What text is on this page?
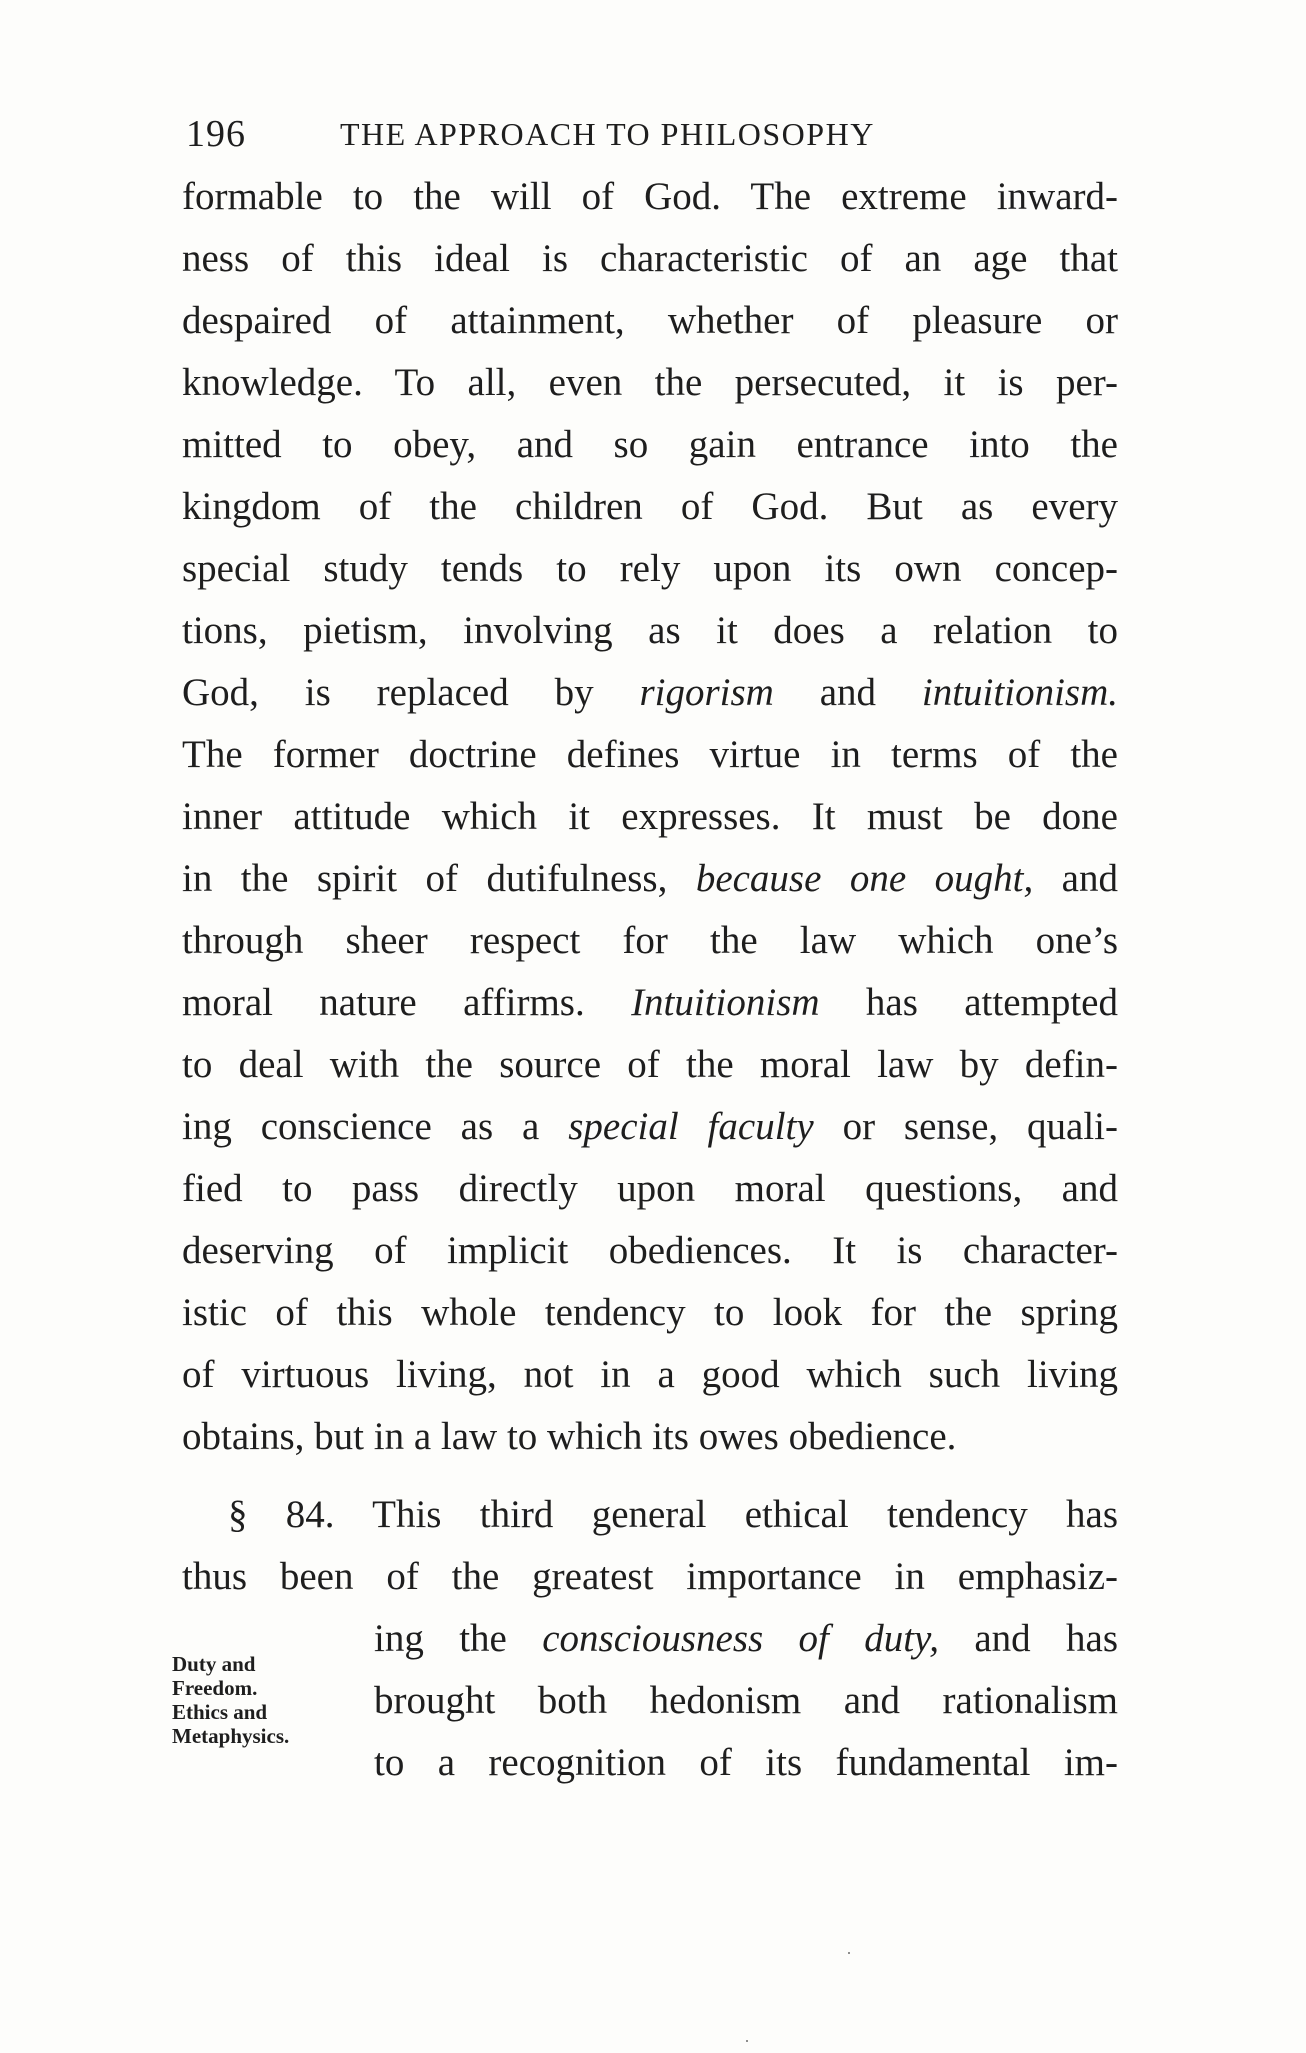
196	THE APPROACH TO PHILOSOPHY
formable to the will of God. The extreme inward-
ness of this ideal is characteristic of an age that
despaired of attainment, whether of pleasure or
knowledge. To all, even the persecuted, it is per-
mitted to obey, and so gain entrance into the
kingdom of the children of God. But as every
special study tends to rely upon its own concep-
tions, pietism, involving as it does a relation to
God, is replaced by rigorism and intuitionism.
The former doctrine defines virtue in terms of the
inner attitude which it expresses. It must be done
in the spirit of dutifulness, because one ought, and
through sheer respect for the law which one’s
moral nature affirms. Intuitionism has attempted
to deal with the source of the moral law by defin-
ing conscience as a special faculty or sense, quali-
fied to pass directly upon moral questions, and
deserving of implicit obediences. It is character-
istic of this whole tendency to look for the spring
of virtuous living, not in a good which such living
obtains, but in a law to which its owes obedience.
§ 84. This third general ethical tendency has
thus been of the greatest importance in emphasiz-
ing the consciousness of duty, and has
brought both hedonism and rationalism
to a recognition of its fundamental im-
Duty and
Freedom.
Ethics and
Metaphysics.
